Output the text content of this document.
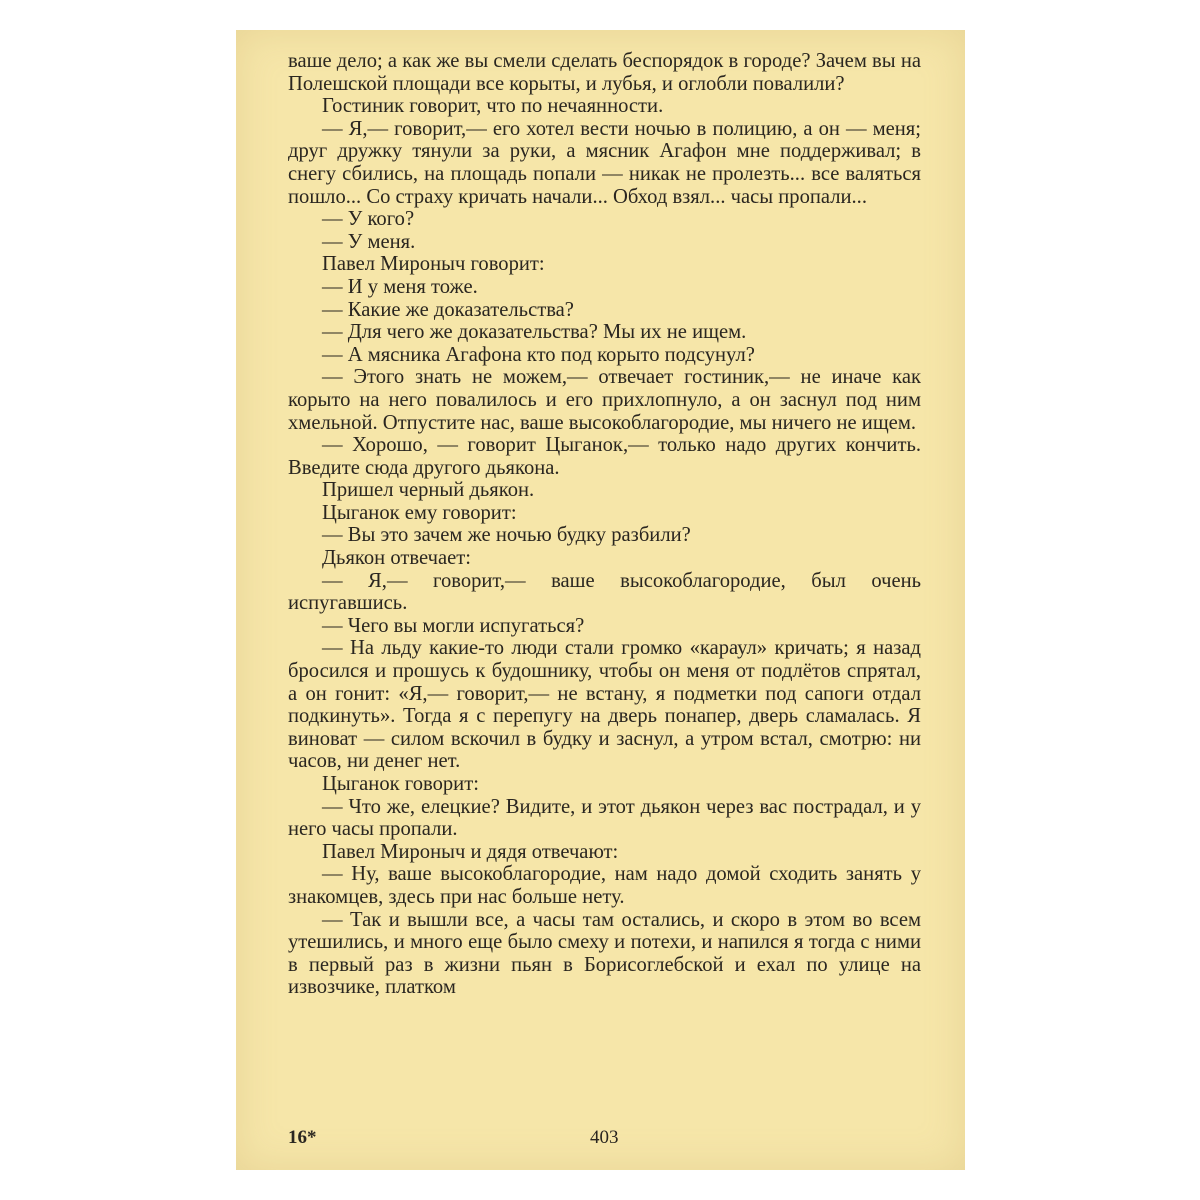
ваше дело; а как же вы смели сделать беспорядок в городе? Зачем вы на Полешской площади все корыты, и лубья, и оглобли повалили?

Гостиник говорит, что по нечаянности.

— Я,— говорит,— его хотел вести ночью в полицию, а он — меня; друг дружку тянули за руки, а мясник Агафон мне поддерживал; в снегу сбились, на площадь попали — никак не пролезть... все валяться пошло... Со страху кричать начали... Обход взял... часы пропали...

— У кого?

— У меня.

Павел Мироныч говорит:

— И у меня тоже.

— Какие же доказательства?

— Для чего же доказательства? Мы их не ищем.

— А мясника Агафона кто под корыто подсунул?

— Этого знать не можем,— отвечает гостиник,— не иначе как корыто на него повалилось и его прихлопнуло, а он заснул под ним хмельной. Отпустите нас, ваше высокоблагородие, мы ничего не ищем.

— Хорошо, — говорит Цыганок,— только надо других кончить. Введите сюда другого дьякона.

Пришел черный дьякон.

Цыганок ему говорит:

— Вы это зачем же ночью будку разбили?

Дьякон отвечает:

— Я,— говорит,— ваше высокоблагородие, был очень испугавшись.

— Чего вы могли испугаться?

— На льду какие-то люди стали громко «караул» кричать; я назад бросился и прошусь к будошнику, чтобы он меня от подлётов спрятал, а он гонит: «Я,— говорит,— не встану, я подметки под сапоги отдал подкинуть». Тогда я с перепугу на дверь понапер, дверь сламалась. Я виноват — силом вскочил в будку и заснул, а утром встал, смотрю: ни часов, ни денег нет.

Цыганок говорит:

— Что же, елецкие? Видите, и этот дьякон через вас пострадал, и у него часы пропали.

Павел Мироныч и дядя отвечают:

— Ну, ваше высокоблагородие, нам надо домой сходить занять у знакомцев, здесь при нас больше нету.

— Так и вышли все, а часы там остались, и скоро в этом во всем утешились, и много еще было смеху и потехи, и напился я тогда с ними в первый раз в жизни пьян в Борисоглебской и ехал по улице на извозчике, платком

16*	403
